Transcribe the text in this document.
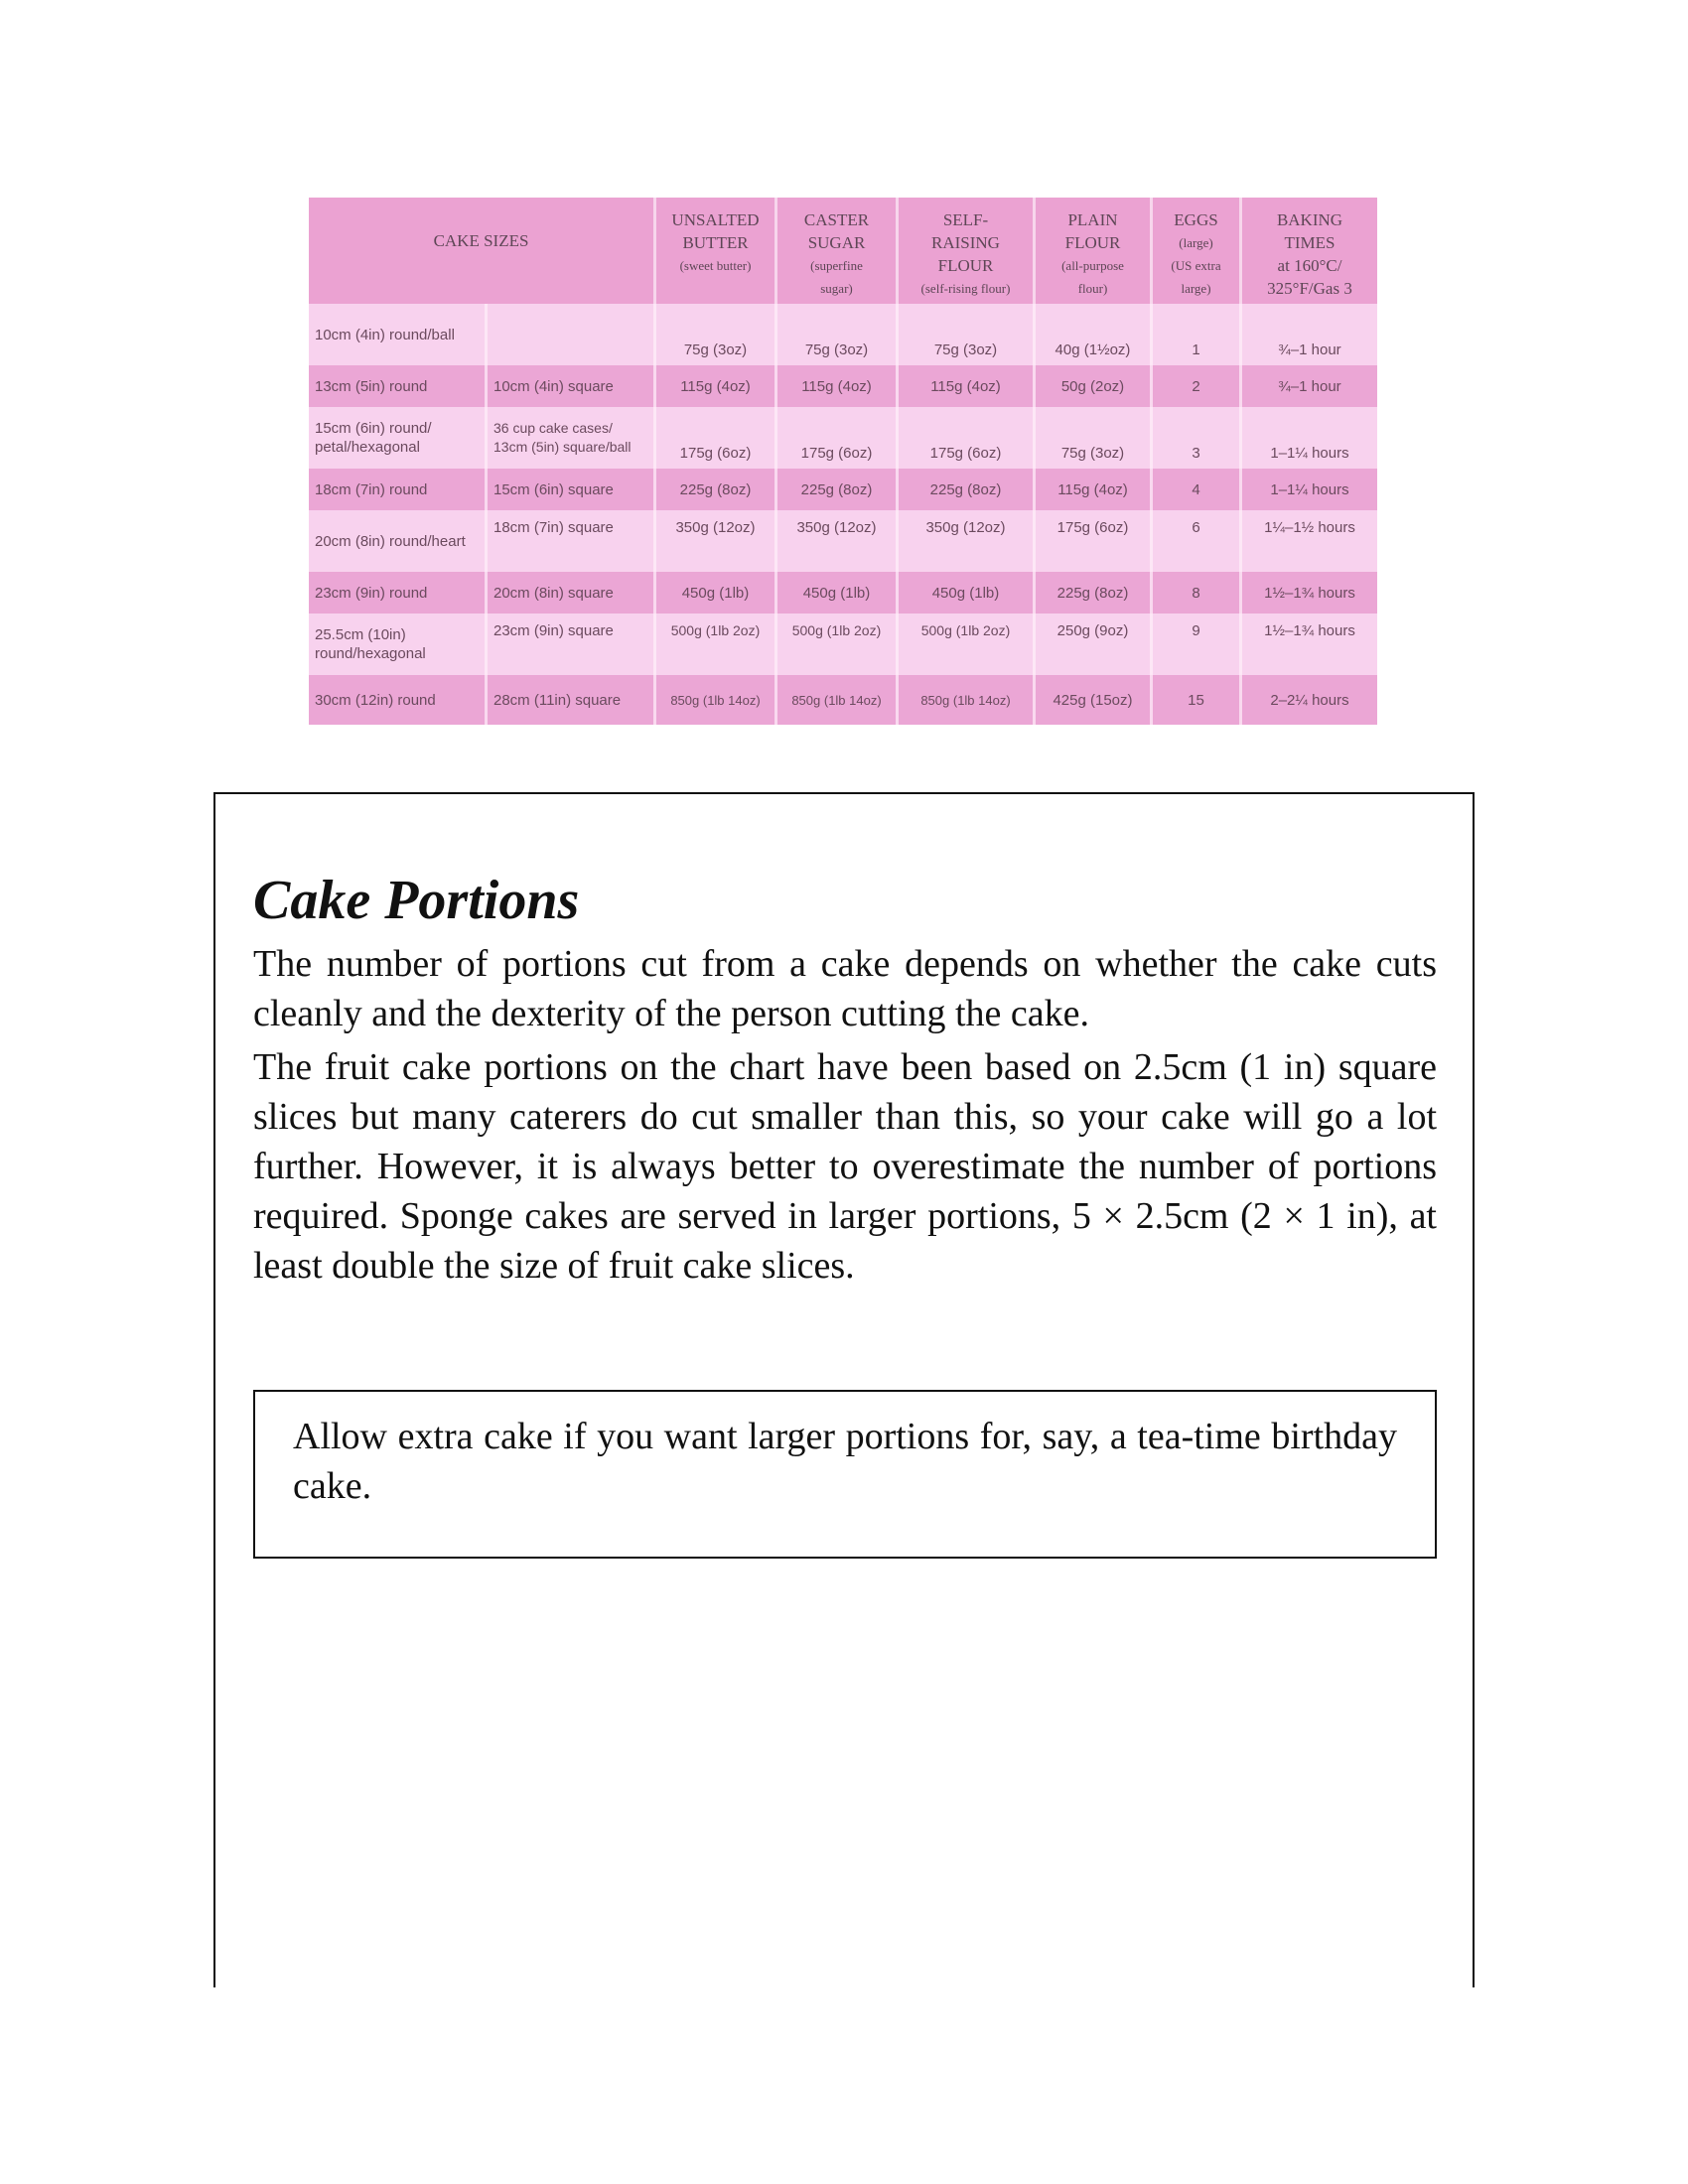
CAKE SIZES		UNSALTED
BUTTER
(sweet butter)	CASTER
SUGAR
(superfine
sugar)	SELF-
RAISING
FLOUR
(self-rising flour)	PLAIN
FLOUR
(all-purpose
flour)	EGGS
(large)
(US extra
large)	BAKING
TIMES
at 160°C/
325°F/Gas 3
10cm (4in) round/ball		75g (3oz)	75g (3oz)	75g (3oz)	40g (1½oz)	1	¾–1 hour
13cm (5in) round	10cm (4in) square	115g (4oz)	115g (4oz)	115g (4oz)	50g (2oz)	2	¾–1 hour
15cm (6in) round/ petal/hexagonal	36 cup cake cases/ 13cm (5in) square/ball	175g (6oz)	175g (6oz)	175g (6oz)	75g (3oz)	3	1–1¼ hours
18cm (7in) round	15cm (6in) square	225g (8oz)	225g (8oz)	225g (8oz)	115g (4oz)	4	1–1¼ hours
20cm (8in) round/heart	18cm (7in) square	350g (12oz)	350g (12oz)	350g (12oz)	175g (6oz)	6	1¼–1½ hours
23cm (9in) round	20cm (8in) square	450g (1lb)	450g (1lb)	450g (1lb)	225g (8oz)	8	1½–1¾ hours
25.5cm (10in) round/hexagonal	23cm (9in) square	500g (1lb 2oz)	500g (1lb 2oz)	500g (1lb 2oz)	250g (9oz)	9	1½–1¾ hours
30cm (12in) round	28cm (11in) square	850g (1lb 14oz)	850g (1lb 14oz)	850g (1lb 14oz)	425g (15oz)	15	2–2¼ hours
Cake Portions

The number of portions cut from a cake depends on whether the cake cuts cleanly and the dexterity of the person cutting the cake.

The fruit cake portions on the chart have been based on 2.5cm (1 in) square slices but many caterers do cut smaller than this, so your cake will go a lot further. However, it is always better to overestimate the number of portions required. Sponge cakes are served in larger portions, 5 × 2.5cm (2 × 1 in), at least double the size of fruit cake slices.

Allow extra cake if you want larger portions for, say, a tea-time birthday cake.
